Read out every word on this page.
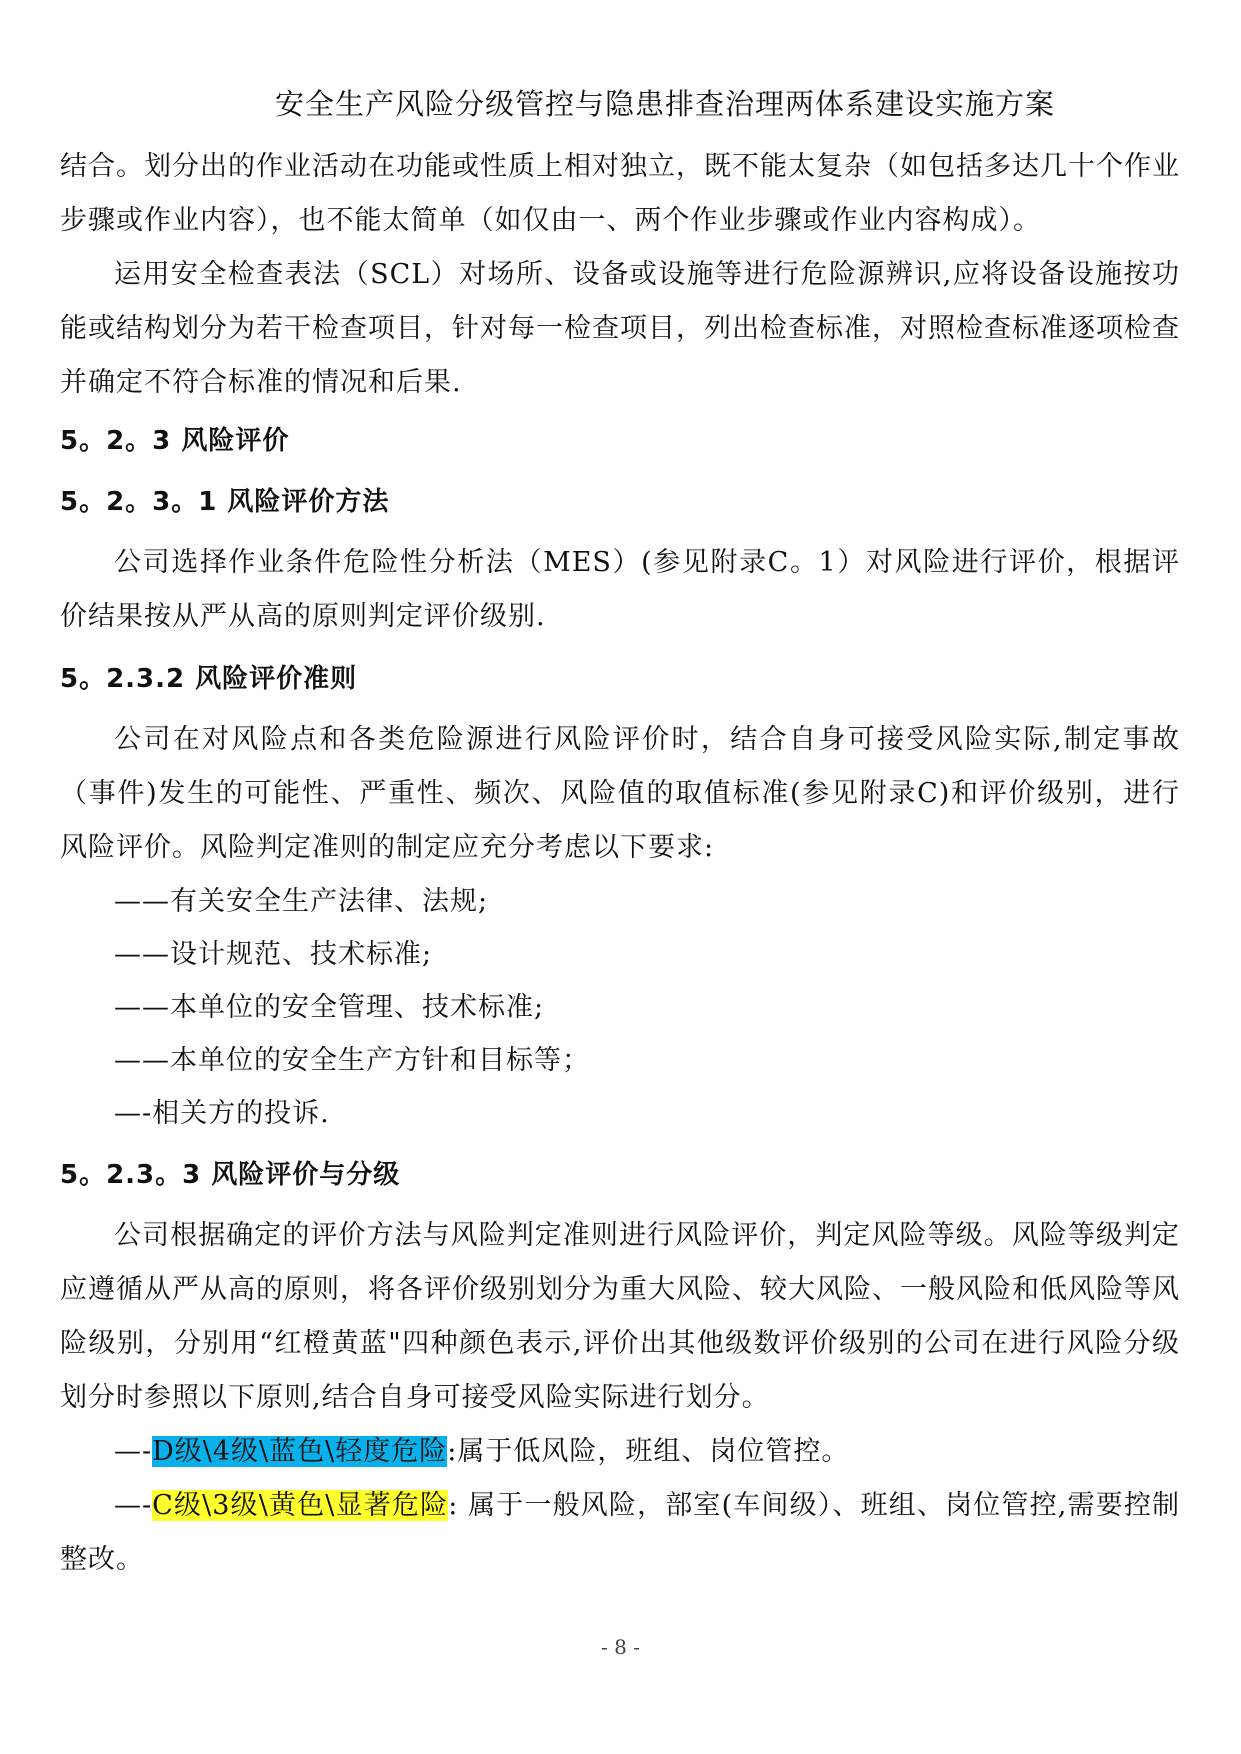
安全生产风险分级管控与隐患排查治理两体系建设实施方案

结合。划分出的作业活动在功能或性质上相对独立，既不能太复杂（如包括多达几十个作业步骤或作业内容），也不能太简单（如仅由一、两个作业步骤或作业内容构成）。

运用安全检查表法（SCL）对场所、设备或设施等进行危险源辨识,应将设备设施按功能或结构划分为若干检查项目，针对每一检查项目，列出检查标准，对照检查标准逐项检查并确定不符合标准的情况和后果.

5。2。3 风险评价
5。2。3。1 风险评价方法

公司选择作业条件危险性分析法（MES）(参见附录C。1）对风险进行评价，根据评价结果按从严从高的原则判定评价级别.

5。2.3.2 风险评价准则

公司在对风险点和各类危险源进行风险评价时，结合自身可接受风险实际,制定事故（事件)发生的可能性、严重性、频次、风险值的取值标准(参见附录C)和评价级别，进行风险评价。风险判定准则的制定应充分考虑以下要求:

——有关安全生产法律、法规;

——设计规范、技术标准;

——本单位的安全管理、技术标准;

——本单位的安全生产方针和目标等；

—-相关方的投诉.

5。2.3。3 风险评价与分级

公司根据确定的评价方法与风险判定准则进行风险评价，判定风险等级。风险等级判定应遵循从严从高的原则，将各评价级别划分为重大风险、较大风险、一般风险和低风险等风险级别，分别用“红橙黄蓝"四种颜色表示,评价出其他级数评价级别的公司在进行风险分级划分时参照以下原则,结合自身可接受风险实际进行划分。

—-D级\4级\蓝色\轻度危险:属于低风险，班组、岗位管控。

—-C级\3级\黄色\显著危险: 属于一般风险，部室(车间级）、班组、岗位管控,需要控制整改。

- 8 -
